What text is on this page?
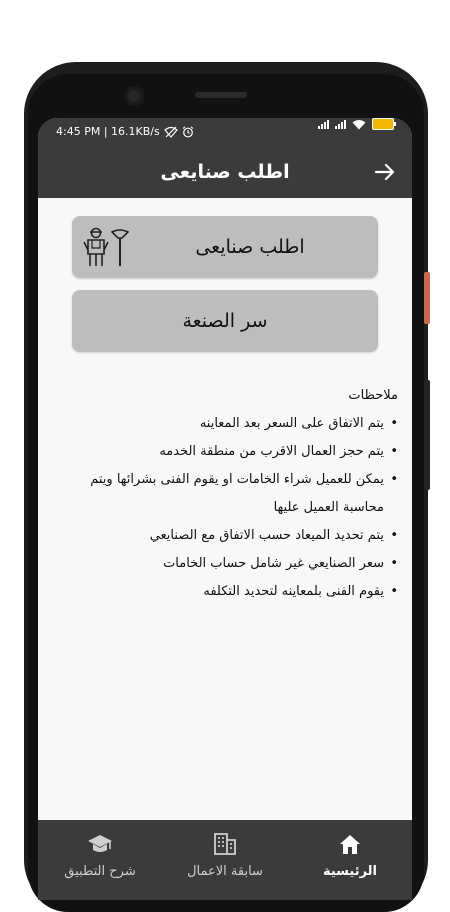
4:45 PM | 16.1KB/s
اطلب صنايعى
اطلب صنايعى
سر الصنعة
ملاحظات
• يتم الاتفاق على السعر بعد المعاينه
• يتم حجز العمال الاقرب من منطقة الخدمه
• يمكن للعميل شراء الخامات او يقوم الفنى بشرائها ويتم محاسبة العميل عليها
• يتم تحديد الميعاد حسب الاتفاق مع الصنايعي
• سعر الصنايعي غير شامل حساب الخامات
• يقوم الفنى بلمعاينه لتحديد التكلفه
الرئيسية
سابقة الاعمال
شرح التطبيق
